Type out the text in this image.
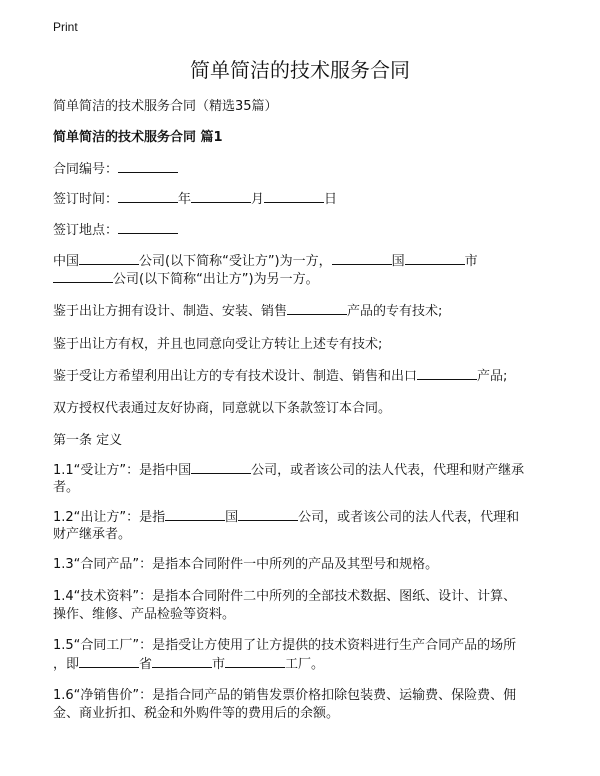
Print
简单简洁的技术服务合同
简单简洁的技术服务合同（精选35篇）
简单简洁的技术服务合同 篇1
合同编号：
签订时间：	年	月	日
签订地点：
中国	公司(以下简称“受让方”)为一方，	国	市
公司(以下简称“出让方”)为另一方。
鉴于出让方拥有设计、制造、安装、销售	产品的专有技术;
鉴于出让方有权，并且也同意向受让方转让上述专有技术;
鉴于受让方希望利用出让方的专有技术设计、制造、销售和出口	产品;
双方授权代表通过友好协商，同意就以下条款签订本合同。
第一条 定义
1.1“受让方”：是指中国	公司，或者该公司的法人代表，代理和财产继承
者。
1.2“出让方”：是指	国	公司，或者该公司的法人代表，代理和
财产继承者。
1.3“合同产品”：是指本合同附件一中所列的产品及其型号和规格。
1.4“技术资料”：是指本合同附件二中所列的全部技术数据、图纸、设计、计算、
操作、维修、产品检验等资料。
1.5“合同工厂”：是指受让方使用了让方提供的技术资料进行生产合同产品的场所
，即	省	市	工厂。
1.6“净销售价”：是指合同产品的销售发票价格扣除包装费、运输费、保险费、佣
金、商业折扣、税金和外购件等的费用后的余额。
